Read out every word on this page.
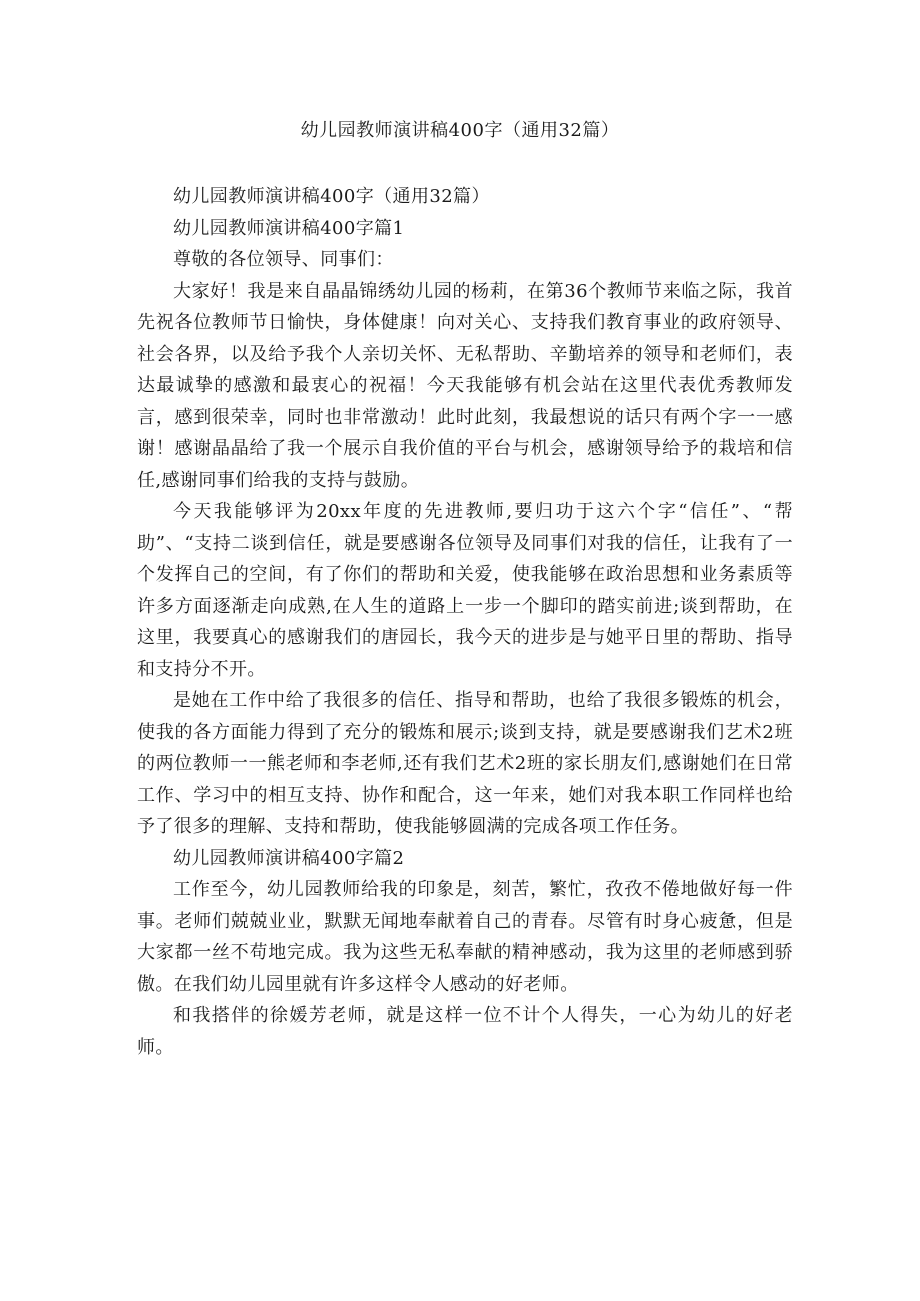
幼儿园教师演讲稿400字（通用32篇）

幼儿园教师演讲稿400字（通用32篇）

幼儿园教师演讲稿400字篇1

尊敬的各位领导、同事们：

大家好！我是来自晶晶锦绣幼儿园的杨莉，在第36个教师节来临之际，我首先祝各位教师节日愉快，身体健康！向对关心、支持我们教育事业的政府领导、社会各界，以及给予我个人亲切关怀、无私帮助、辛勤培养的领导和老师们，表达最诚挚的感激和最衷心的祝福！今天我能够有机会站在这里代表优秀教师发言，感到很荣幸，同时也非常激动！此时此刻，我最想说的话只有两个字一一感谢！感谢晶晶给了我一个展示自我价值的平台与机会，感谢领导给予的栽培和信任,感谢同事们给我的支持与鼓励。

今天我能够评为20xx年度的先进教师,要归功于这六个字“信任”、“帮助”、“支持二谈到信任，就是要感谢各位领导及同事们对我的信任，让我有了一个发挥自己的空间，有了你们的帮助和关爱，使我能够在政治思想和业务素质等许多方面逐渐走向成熟,在人生的道路上一步一个脚印的踏实前进;谈到帮助，在这里，我要真心的感谢我们的唐园长，我今天的进步是与她平日里的帮助、指导和支持分不开。

是她在工作中给了我很多的信任、指导和帮助，也给了我很多锻炼的机会，使我的各方面能力得到了充分的锻炼和展示;谈到支持，就是要感谢我们艺术2班的两位教师一一熊老师和李老师,还有我们艺术2班的家长朋友们,感谢她们在日常工作、学习中的相互支持、协作和配合，这一年来，她们对我本职工作同样也给予了很多的理解、支持和帮助，使我能够圆满的完成各项工作任务。

幼儿园教师演讲稿400字篇2

工作至今，幼儿园教师给我的印象是，刻苦，繁忙，孜孜不倦地做好每一件事。老师们兢兢业业，默默无闻地奉献着自己的青春。尽管有时身心疲惫，但是大家都一丝不苟地完成。我为这些无私奉献的精神感动，我为这里的老师感到骄傲。在我们幼儿园里就有许多这样令人感动的好老师。

和我搭伴的徐媛芳老师，就是这样一位不计个人得失，一心为幼儿的好老师。
